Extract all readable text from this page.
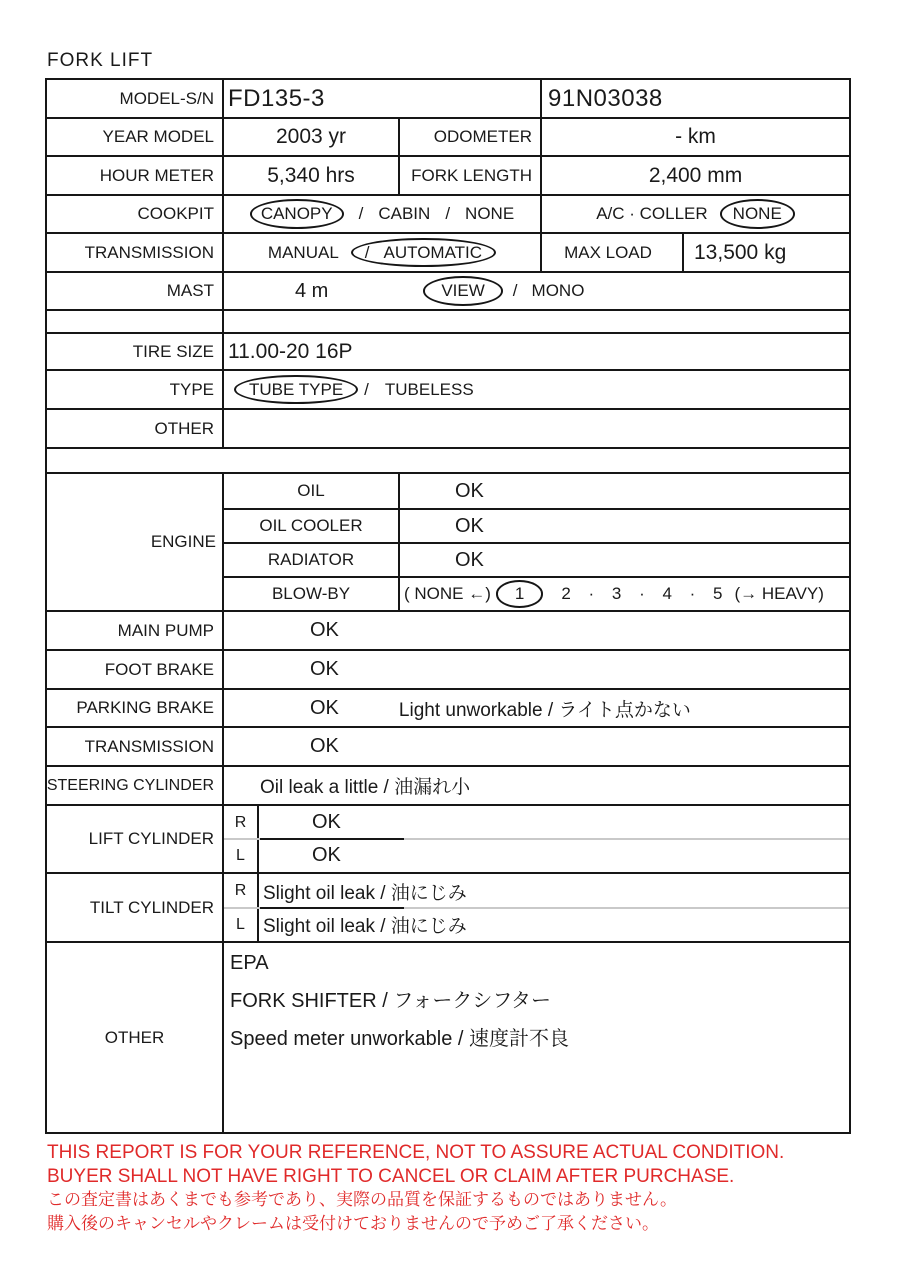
FORK LIFT
MODEL-S/N FD135-3	91N03038
YEAR MODEL	2003 yr	ODOMETER	- km
HOUR METER	5,340 hrs	FORK LENGTH	2,400 mm
COOKPIT	CANOPY / CABIN / NONE	A/C · COLLER NONE
TRANSMISSION	MANUAL / AUTOMATIC	MAX LOAD	13,500 kg
MAST	4 m	VIEW / MONO
TIRE SIZE 11.00-20 16P
TYPE	TUBE TYPE / TUBELESS
OTHER
ENGINE
OIL	OK
OIL COOLER	OK
RADIATOR	OK
BLOW-BY	( NONE ←) 1 2 · 3 · 4 · 5 (→ HEAVY)
MAIN PUMP	OK
FOOT BRAKE	OK
PARKING BRAKE	OK	Light unworkable / ライト点かない
TRANSMISSION	OK
STEERING CYLINDER	Oil leak a little / 油漏れ小
LIFT CYLINDER
R	OK
L	OK
TILT CYLINDER
R Slight oil leak / 油にじみ
L Slight oil leak / 油にじみ
OTHER
EPA
FORK SHIFTER / フォークシフター
Speed meter unworkable / 速度計不良
THIS REPORT IS FOR YOUR REFERENCE, NOT TO ASSURE ACTUAL CONDITION.
BUYER SHALL NOT HAVE RIGHT TO CANCEL OR CLAIM AFTER PURCHASE.
この査定書はあくまでも参考であり、実際の品質を保証するものではありません。
購入後のキャンセルやクレームは受付けておりませんので予めご了承ください。
